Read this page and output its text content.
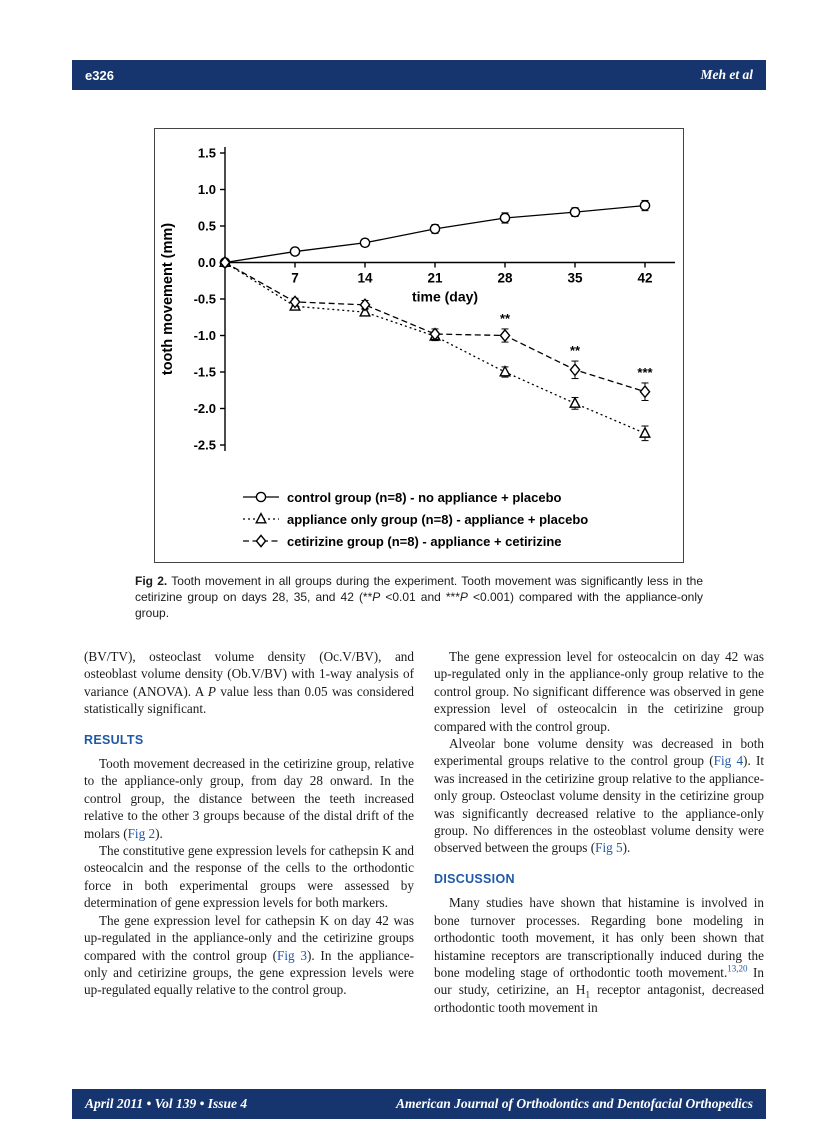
e326	Meh et al
1.5
1.0
0.5
0.0
-0.5
-1.0
-1.5
-2.0
-2.5
7	14	21	28	35	42
time (day)
tooth movement (mm)	**
**
***
control group (n=8) - no appliance + placebo
appliance only group (n=8) - appliance + placebo
cetirizine group (n=8) - appliance + cetirizine
Fig 2. Tooth movement in all groups during the experiment. Tooth movement was significantly less in the cetirizine group on days 28, 35, and 42 (**P <0.01 and ***P <0.001) compared with the appliance-only group.

(BV/TV), osteoclast volume density (Oc.V/BV), and osteoblast volume density (Ob.V/BV) with 1-way analysis of variance (ANOVA). A P value less than 0.05 was considered statistically significant.

RESULTS

Tooth movement decreased in the cetirizine group, relative to the appliance-only group, from day 28 onward. In the control group, the distance between the teeth increased relative to the other 3 groups because of the distal drift of the molars (Fig 2).

The constitutive gene expression levels for cathepsin K and osteocalcin and the response of the cells to the orthodontic force in both experimental groups were assessed by determination of gene expression levels for both markers.

The gene expression level for cathepsin K on day 42 was up-regulated in the appliance-only and the cetirizine groups compared with the control group (Fig 3). In the appliance-only and cetirizine groups, the gene expression levels were up-regulated equally relative to the control group.

The gene expression level for osteocalcin on day 42 was up-regulated only in the appliance-only group relative to the control group. No significant difference was observed in gene expression level of osteocalcin in the cetirizine group compared with the control group.

Alveolar bone volume density was decreased in both experimental groups relative to the control group (Fig 4). It was increased in the cetirizine group relative to the appliance-only group. Osteoclast volume density in the cetirizine group was significantly decreased relative to the appliance-only group. No differences in the osteoblast volume density were observed between the groups (Fig 5).

DISCUSSION

Many studies have shown that histamine is involved in bone turnover processes. Regarding bone modeling in orthodontic tooth movement, it has only been shown that histamine receptors are transcriptionally induced during the bone modeling stage of orthodontic tooth movement.$^{13,20}$ In our study, cetirizine, an $H_1$ receptor antagonist, decreased orthodontic tooth movement in

April 2011 • Vol 139 • Issue 4	American Journal of Orthodontics and Dentofacial Orthopedics
